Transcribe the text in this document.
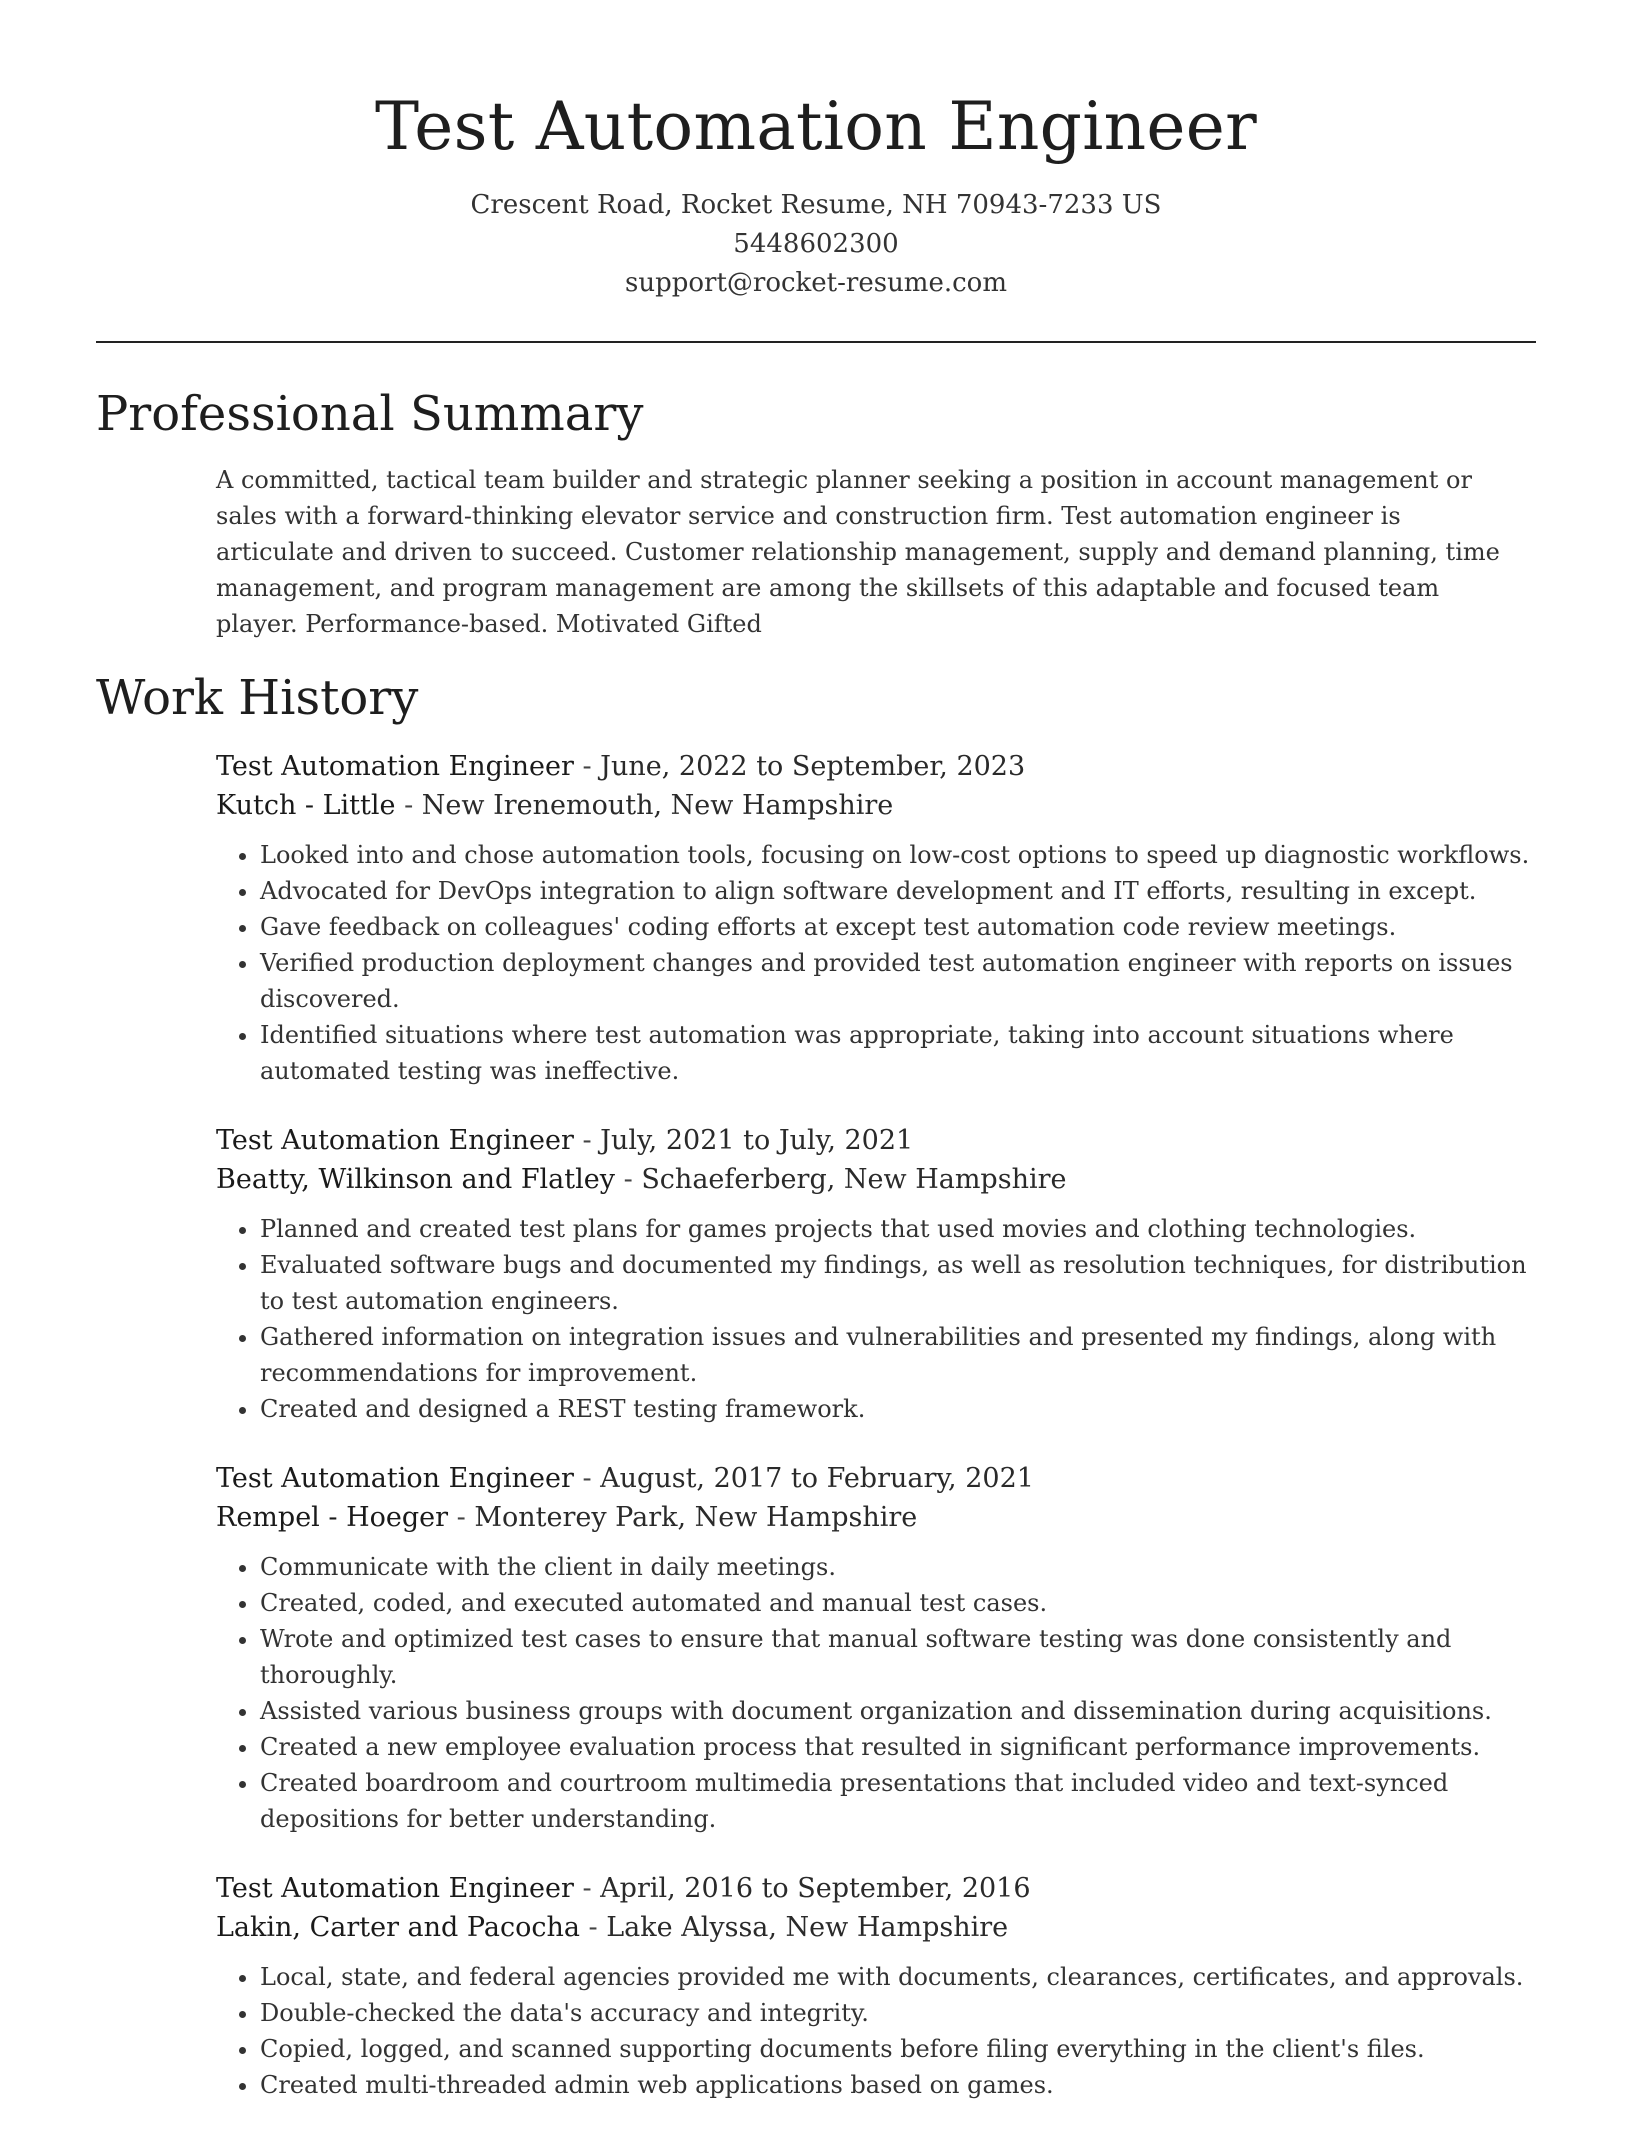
Test Automation Engineer
Crescent Road, Rocket Resume, NH 70943-7233 US
5448602300
support@rocket-resume.com
Professional Summary

A committed, tactical team builder and strategic planner seeking a position in account management or sales with a forward-thinking elevator service and construction firm. Test automation engineer is articulate and driven to succeed. Customer relationship management, supply and demand planning, time management, and program management are among the skillsets of this adaptable and focused team player. Performance-based. Motivated Gifted

Work History
Test Automation Engineer - June, 2022 to September, 2023
Kutch - Little - New Irenemouth, New Hampshire
• Looked into and chose automation tools, focusing on low-cost options to speed up diagnostic workflows.
• Advocated for DevOps integration to align software development and IT efforts, resulting in except.
• Gave feedback on colleagues' coding efforts at except test automation code review meetings.
• Verified production deployment changes and provided test automation engineer with reports on issues discovered.
• Identified situations where test automation was appropriate, taking into account situations where automated testing was ineffective.
Test Automation Engineer - July, 2021 to July, 2021
Beatty, Wilkinson and Flatley - Schaeferberg, New Hampshire
• Planned and created test plans for games projects that used movies and clothing technologies.
• Evaluated software bugs and documented my findings, as well as resolution techniques, for distribution to test automation engineers.
• Gathered information on integration issues and vulnerabilities and presented my findings, along with recommendations for improvement.
• Created and designed a REST testing framework.
Test Automation Engineer - August, 2017 to February, 2021
Rempel - Hoeger - Monterey Park, New Hampshire
• Communicate with the client in daily meetings.
• Created, coded, and executed automated and manual test cases.
• Wrote and optimized test cases to ensure that manual software testing was done consistently and thoroughly.
• Assisted various business groups with document organization and dissemination during acquisitions.
• Created a new employee evaluation process that resulted in significant performance improvements.
• Created boardroom and courtroom multimedia presentations that included video and text-synced depositions for better understanding.
Test Automation Engineer - April, 2016 to September, 2016
Lakin, Carter and Pacocha - Lake Alyssa, New Hampshire
• Local, state, and federal agencies provided me with documents, clearances, certificates, and approvals.
• Double-checked the data's accuracy and integrity.
• Copied, logged, and scanned supporting documents before filing everything in the client's files.
• Created multi-threaded admin web applications based on games.
